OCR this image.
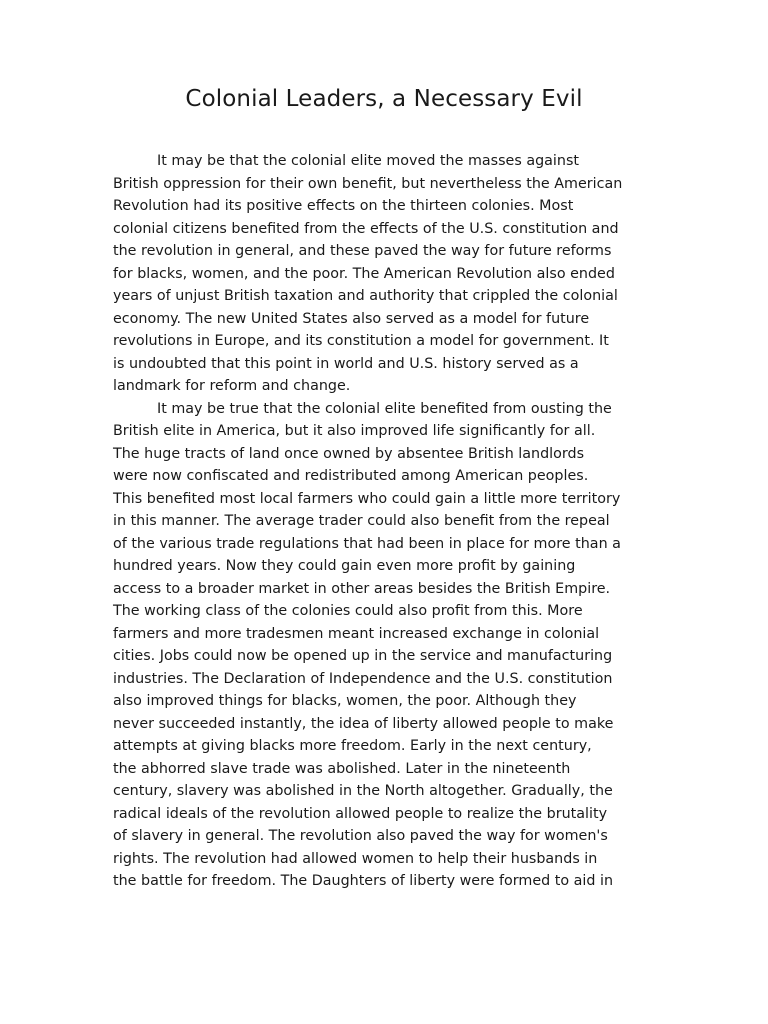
Colonial Leaders, a Necessary Evil
It may be that the colonial elite moved the masses against
British oppression for their own benefit, but nevertheless the American
Revolution had its positive effects on the thirteen colonies. Most
colonial citizens benefited from the effects of the U.S. constitution and
the revolution in general, and these paved the way for future reforms
for blacks, women, and the poor. The American Revolution also ended
years of unjust British taxation and authority that crippled the colonial
economy. The new United States also served as a model for future
revolutions in Europe, and its constitution a model for government. It
is undoubted that this point in world and U.S. history served as a
landmark for reform and change.
It may be true that the colonial elite benefited from ousting the
British elite in America, but it also improved life significantly for all.
The huge tracts of land once owned by absentee British landlords
were now confiscated and redistributed among American peoples.
This benefited most local farmers who could gain a little more territory
in this manner. The average trader could also benefit from the repeal
of the various trade regulations that had been in place for more than a
hundred years. Now they could gain even more profit by gaining
access to a broader market in other areas besides the British Empire.
The working class of the colonies could also profit from this. More
farmers and more tradesmen meant increased exchange in colonial
cities. Jobs could now be opened up in the service and manufacturing
industries. The Declaration of Independence and the U.S. constitution
also improved things for blacks, women, the poor. Although they
never succeeded instantly, the idea of liberty allowed people to make
attempts at giving blacks more freedom. Early in the next century,
the abhorred slave trade was abolished. Later in the nineteenth
century, slavery was abolished in the North altogether. Gradually, the
radical ideals of the revolution allowed people to realize the brutality
of slavery in general. The revolution also paved the way for women's
rights. The revolution had allowed women to help their husbands in
the battle for freedom. The Daughters of liberty were formed to aid in
